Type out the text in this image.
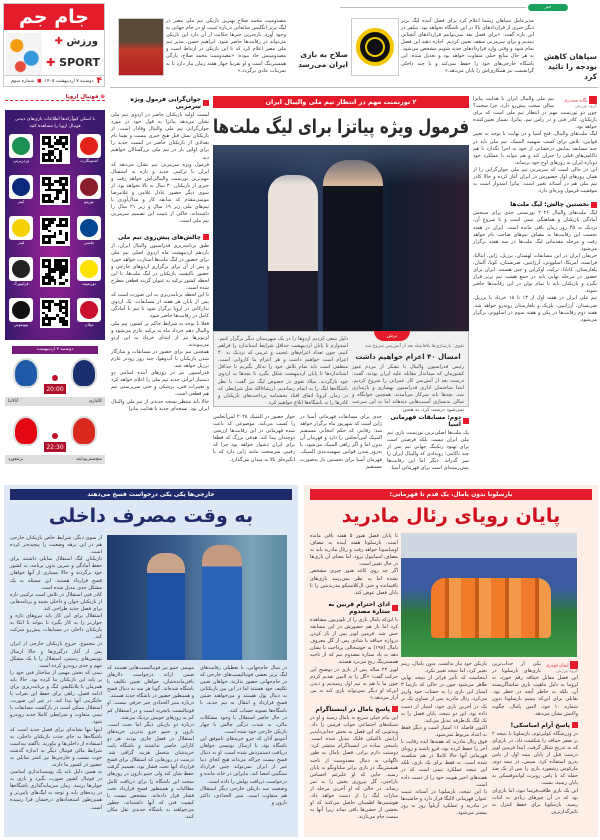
جام جم
ورزش ✚
✚ SPORT
۴
دوشنبه ۷ اردیبهشت ۱۴۰۵
■
شماره سوم
مصدومیت محمد صلاح بهترین بازیکن تیم ملی مصر در لیگ برتر انگلیس شایعاتی درباره غیبت او در جام جهانی به وجود آورد. تازه‌ترین خبرها حکایت از آن دارد این بازیکن می‌تواند در رقابت‌ها حاضر شود. ابراهیم حسن، مدیر تیم ملی مصر اعلام کرد که با این بازیکن در ارتباط است و مصدومیتش حاد نبوده: «مصدومیت محمد صلاح، پارگی همسترینگ است و او تقریبا چهار هفته زمان نیاز دارد تا به تمرینات عادی برگردد.»
صلاح به بازی ایران می‌رسد
خبر
مدیرعامل سپاهان رسما اعلام کرد برای فصل آینده لیگ برتر دیگر خبری از قراردادهای بالا در این باشگاه نخواهد بود. نیکفر در این باره گفت: «برای فصل بعد نمی‌توانیم قراردادهای آنچنانی ببندیم و برای سرمربی سقف تعیین کردیم. اجازه دهید این فصل تمام شود و وقتی وارد قراردادهای جدید شویم مشخص می‌شود. به هر حال منابع خیلی متفاوت خواهد بود و تعدیل شده. این باشگاه خارجی‌های خود را حفظ نمی‌کند و با چند داخلی گرانقیمت نیز همکاری‌اش را پایان می‌دهد.»
سپاهان کاهش بودجه را تائید کرد
⊕ فوتبال اروپا
با اسکن کیوآرکدها اطلاعات بازی‌های دیدنی فوتبال اروپا را مشاهده کنید
وردربرمن	اشتوتگارت
اینتر	تورینو
لیدز	چلسی
فرایبورگ	دورتموند
یوونتوس	میلان
دوشنبه ۷ اردیبهشت
20:00
کالیاری
آتالانتا
22:30
منچستریونایتد
برنتفورد
جوان‌گرایی فرمول ویژه سرمربی
لیست اولیه بازیکنان حاضر در اردوی تیم ملی نشان می‌دهد پیاتزا به قول خود در مورد جوان‌گرایی تیم ملی والیبال وفادار است. از بازیکنان نسل قبل هیچ خبری نیست و یقینا نام تعدادی از بازیکنان حاضر در لیست جدید را برای اولین بار در تیم ملی بزرگسالان خواهیم دید.
فرمول ویژه سرمربی تیم نشان می‌دهد که ایران با ترکیبی جدید و تازه به استقبال مهم‌ترین تورنمنت والیبالی‌اش خواهد رفت و خبری از بازیکنان ۳۰ سال به بالا نخواهد بود. از سوی دیگر حضور عادل غلامی و غلامرضا مومنی‌مقدم که سابقه کار و مدال‌آوری با تیم‌های ملی زیر ۱۹ سال و زیر ۲۱ سال را داشته‌اند، حاکی از تثبیت این تصمیم سرمربی تیم ملی است.
چالش‌های پیش‌روی تیم ملی
طبق برنامه‌ریزی فدراسیون والیبال ایران، از یازدهم اردیبهشت ماه اردوی اصلی تیم ملی برای حضور در لیگ ملت‌ها استارت خواهد خورد و پس از آن برای برگزاری اردوهای خارجی و حضور باکیفیت بازیکنان در لیگ ملت‌ها، تا این لحظه کشور ترکیه به عنوان گزینه قطعی مطرح شده است.
تا این لحظه برنامه‌ریزی به این صورت است که پس از پایان هر هفته از مسابقات، یک اردوی تدارکاتی در اروپا برگزار شود تا تیم با آمادگی کامل در رقابت‌ها حاضر شود.
فعلا با توجه به شرایط حاکم بر کشور، تیم ملی والیبال دهم خرداد ماه به ترکیه عازم می‌شود و لژیونرها نیز از ابتدای خرداد به این اردو می‌پیوندند.
همچنین تیم برای حضور در مسابقات و سازگار شدن بازیکنان با آب‌وهوا، چند روز زودتر عازم برزیل خواهد شد.
فدراسیون نیز در روزهای آینده اسامی دو دستیار ایرانی جدید تیم ملی را اعلام خواهد کرد و تغییرات فنی، پزشکی و حتی سرپرستی تیم هم قطعی است.
حالا باید منتظر نسخه جدیدی از تیم ملی والیبال ایران بود. نسخه‌ای جدید با هدایت پیاتزا
۲ تورنمنت مهم در انتظار تیم ملی والیبال ایران
فرمول ویژه پیاتزا برای لیگ ملت‌ها
برش
دلیل سعی کردیم اردوها را در یک شهرستان دیگر برگزار کنیم. امیدوارم تا پایان اردیبهشت حداقل شرایط استاندارد را فراهم کنیم. چون تعداد اعزام‌های عجیب و غریبی که نزدیک به ۴۰ اعزام است خواهیم داشت و هر اعزام ما کاروانی است. منطقی است باید تمام تلاش خود را به‌کار بگیریم تا حداقل استانداردها تا پایان اردیبهشت شکل بگیرد تا بچه‌ها به اردوی خود بازگردند. میلاد تقوی در خصوص لیگ نیز گفت: با نظر باشگاه‌ها لیگ را به اتمام رساندیم. ان‌شاءالله مثل شرایطی که در زمان کرونا اتفاق افتاد بخشنامه پرداخت‌های بازیکنان و کادرها را به باشگاه‌ها ابلاغ خواهیم کرد.
تقوی: بازسازی‌ها بلافاصله بعد از آتش‌بس شروع شد
امسال ۴۰ اعزام خواهیم داشت
رئیس فدراسیون والیبال با تشکر از مردم غیور کشورمان که میداندار مقابله علیه ایران بودند، گفت: درست بعد از آتش‌بس کار عمرانی را شروع کردیم. ابتدا ساختمان اداری فدراسیون بهسازی و بازسازی شد. بچه‌ها باید سرکار می‌آمدند. همچنین خوابگاه و سالن بدنسازی آسیب‌هایی دیدهاند اما به این سرعت نمی‌شود درست کرد. به همین
دوم: مسابقات قهرمانی آسیا
یک ملت‌ها اصلی‌ترین تورنمنت بازی تیم ملی ایران نیست بلکه فرصتی است برای بهبود رنکینگ جهانی تیم پس از چند ناکامی؛ رویدادی که والیبال ایران را سر گذراند. دیگر اما این رقابت‌ها پیش‌زمینه‌ای است برای قهرمانی آسیا.
جدی برای مسابقات قهرمانی آسیا در ژاپن است که شهریور ماه برگزار خواهد شد؛ رقابتی که حکم انتخابی مستقیم المپیک لس‌آنجلس را دارد و قهرمان آن بدون اما و اگر راهی المپیک می‌شود. با به‌روز شدن قوانین سهمیه‌بندی المپیک، قهرمان آسیا برای نخستین بار به‌صورت مستقیم
جواز حضور در المپیک ۲۰۲۸ لس‌آنجلس را کسب می‌کند. موضوعی که باعث شده قهرمانی در این رقابت‌ها ارزشی دوچندان پیدا کند. هدفی بزرگ که قطعا برای ایران دشوار خواهد بود چرا که رقیبی سرسخت مانند ژاپن دارد که با انگیزه‌ای بالا به میدان می‌گذارد.
یگانه مصدری
گروه ورزش
تیم ملی والیبال ایران با هدایت پیاتزا سالی سخت پیش‌رو دارد. چرا سخت؟ چون دو تورنمنت مهم در انتظار تیم ملی است که برای بازیکنان، کادر فنی و در رأس تیم، پیاتزا، بسیار تعیین‌کننده خواهد بود.
لیگ ملت‌های والیبال، فتح آسیا و در نهایت با توجه به تغییر قوانین، تلاش برای کسب سهمیه المپیک. تیم ملی باید در چند مسابقه نمایش درخشانی از خود به اجرا بگذارد تا هم ناکامی‌های قبلی را جبران کند و هم بتواند با عملکرد خود دوباره ایران به روزهای اوج خود برساند.
این در حالی است که سرمربی تیم ملی جوان‌گرایی را از همان روزهای اول حضورش در ایران آغاز کرده و حالا کادر تیم ملی هم در آستانه تغییر است. پیاتزا امیدوار است به موفقیت فرمول ویژه‌ای دارد.
نخستین چالش؛ لیگ ملت‌ها
لیگ ملت‌های والیبال ۲۰۲۶ تورنمنتی جدی برای سنجش آمادگی بازیکنان و هماهنگی تیمی است و تا شروع آن، نزدیک به ۴۵ روز زمان باقی مانده است. ایران در هفته نخست این رقابت‌ها به مصاف تیم‌های صاحب نام خواهد رفت و مرحله مقدماتی لیگ ملت‌ها در سه هفته برگزار می‌شود.
حریفان ایران در این مسابقات لهستان، برزیل، ژاپن، ایتالیا، فرانسه، آمریکا، اسلوونی، آرژانتین، صربستان، کوبا، آلمان، بلغارستان، کانادا، ترکیه، اوکراین و چین هستند. ایران برای حضور در مرحله نهایی باید در جمع هشت تیم برتر قرار بگیرد و بازیکنان باید با تمام توان در این رقابت‌ها حاضر شوند.
تیم ملی ایران در هفته اول از ۱۳ تا ۱۸ خرداد با برزیل، صربستان، آرژانتین، بلژیک و بلغارستان روبه‌رو خواهد شد. هفته دوم رقابت‌ها در پکن و هفته سوم در اسلوونی برگزار می‌شود.
خارجی‌ها یکی یکی درخواست فسخ می‌دهند
به وقت مصرف داخلی
از سوی دیگر، شرایط خاص بازیکنان خارجی هم در این برهه وضعیت را پیچیده‌تر کرده است.
بازیکنان لیگ استقلال تمایلی داشتند برای حفظ آمادگی و تمرین بدون برنامه، به کشور خود برگردند و حالا بسیاری از آنها خواهان فسخ قرارداد هستند. این مسئله به یک مشکل جدی تبدیل شده است.
کادر فنی استقلال در تلاش است ترکیبی تازه از بازیکنان جوان و داخلی بچیند و برنامه‌هایی برای فصل جدید طراحی کند.
استقلال برای این کار باید نیروهای تازه و جوان‌تر را به کار بگیرد تا بتواند با اتکا به بازیکنان داخلی در مسابقات پیش‌رو شرکت کند.
در مجموع، خروج بازیکنان خارجی از ایران پس از آغاز درگیری‌ها و حالا ارسال نوتیس‌های رسمی، استقلال را با یک مشکل مهم و جدی روبه‌رو کرده است.
تیمی که بخش مهمی از ساختار فنی خود را بر پایه این بازیکنان بنا کرده بود. حالا باید همزمان با بلاتکلیفی لیگ و برنامه‌ریزی برای ادامه فصل، راهی برای حفظ این نفرات یا جایگزینی آنها پیدا کند. در غیر این صورت، استقلال ممکن است در بازگشت مسابقات با تیمی متفاوت و شرایطی کاملا جدید روبه‌رو شود.
اینها تنها نشانه‌ای برای فصل جدید است که باشگاه‌ها به جای جذب بازیکنان داخلی، به استفاده از داخلی‌ها و بیاورند. باگفته پیداست شرایط مالی فوتبال دیگر به اندازه گذشته خوب نیست و خارجی‌ها نیز کمتر تمایلی به حضور در کشور ما دارند.
به همین دلیل باید یک پوست‌اندازی اساسی در فوتبال کشور صورت بگیرد و بازی به جوان‌ها برسد. زمان سرمایه‌گذاری باشگاه‌ها در رده‌های پایه و توجه به لیگ‌های پایین‌تر و همین‌طور استعدادهای درخشان فرا رسیده است.
موسی جنپو نیز فوتبالیست‌هایی هستند که ضمن ارائه درخواست دلارهای باقی‌مانده‌شان، خواهان تعیین تکلیف با باشگاه شده‌اند. گویا هر سه به دنبال فسخ و همینطور حضور در باشگاه جدید هستند.
درباره منیر الحدادی خبر حرفی نیست. او فوتبالیست باتجربه است و در استقلال کم کم به روزهای خوبش نزدیک می‌شد.
درباره دو بازیکن دیگر اما بحث است. نازون و جنپو جزو بدترین خریدهای استقلال در فصل جاری بودند. هر دو کارایی خاصی نداشتند و باشگاه بابت خریدشان متحمل هزینه گزافی شد. درست در روزهایی که استقلال برای فسخ قرارداد آنها تحت فشار بود، تصمیم گرفت حفظ شان کند ولی جنپو نازون در روزهای سخت این باشگاه را برای دریافت کامل مطالبات و همینطور فسخ قرارداد تحت فشار قرار داده‌اند. مشخص نیست با کیفیت فنی که آنها داشته‌اند، چطور می‌خواهند به باشگاه جدیدی نقل مکان کنند.
در سال جام‌جهانی، با تعطیلی رقابت‌های لیگ برتر بعضی فوتبالیست‌های خارجی که در جام‌جهانی حضور ندارند، خواهان تعیین تکلیف خود هستند اما در این بین بازیکنانی به دنبال پول هستند و می‌خواهند ضمن فسخ قرارداد و انتقال به تیم جدید، با باشگاه‌ها تسویه حساب کنند.
در حال حاضر استقلال با وجود مشکلات مالی، به شدت درگیر چالش با چهار بازیکن خارجی خود شده است.
آنتونیو آدان که جزو خریدهای ناموفق این باشگاه بود، با ارسال نوتیسی خواهان دریافت دستمزدش شده است. او به دنبال فسخ نیست چراکه می‌داند هیچ کجای دنیا غیر از ایران نمی‌تواند چنین قرارداد سنگینی امضا کند. بنابراین در خانه مانده و درخواست دریافت پولش را داده است.
وضعیت سه بازیکن خارجی دیگر استقلال هم متفاوت است. منیر الحدادی، داکنز نازون و
بارسلونا بدون یامال، یک قدم تا قهرمانی؛
پایان رویای رئال مادرید
تا پایان فصل هنوز ۵ هفته باقی مانده است. بارسلونا هفته آینده به مصاف اوساسونا خواهد رفت و رئال مادرید باید به مصاف اسپانیول برود. اما معنای آن بازی‌ها در حال تغییر است.
اگر چه روی کاغذ هنوز چیزی مشخص نشده اما به نظر نمی‌رسد بازی‌های باقیمانده و حتی ال‌کلاسیکو مدریدیتین را تا پایان فصل عوض کند.
ادای احترام فربین به ستاره مصدوم
با این‌که یامال بازی را از تلویزیون مشاهده کرد اما باز هم حضورش در این مسابقه حس شد. فرمین لوپز پس از باز کردن دروازه خیتافه با شادی پس از گل معروف یامال (۱۹۸) به خوشحالی پرداخت تا نشان دهد به یاد ستاره مصدوم تیم که از ناحیه همسترینگ رنج می‌برد هستند.
لوپز ۲۲ ساله پس از بازی در توضیح این حرکت گفت: «گل را به لامین تقدیم کردم چون ما با هم به تیم اول رسیدیم و دیدن این‌که او دیگر نمی‌تواند بازی کند به من آزار می‌دهد.»
پاسخ یامال در اینستاگرام
این پیام خیلی سریع به یامال رسید و او در شبکه‌های اجتماعی جواب فرمین را داد. ویدئویی که این فصل به بخش جدایی‌ناپذیر آرایش تاکتیکی فلیک تبدیل شده است. پاسخی ساده در اینستاگرام منتشر کرد: دوستت دارم برادر. فصل یامال به طور ناگهانی به دنبال مصدومیت از ناحیه همسترینگ در بازی برابر سلتاویگو به پایان رسید. جایی که او علیرغم احساس ناراحتی، گل پیروزی بخش را به ثمر رساند. در حالی که او آخرین مرحله از مبارات لیگ را از دست خواهد داد، هوشمی‌ها اطمینان حاصل می‌کنند که او بخشی از جشن‌ها باقی بماند زیرا آنها به سمت جام می‌تازند.
بازیکن خود نیاز نداشت. بدون یامال، ریتم تغییر کرد، اما نتیجه تغییر نکرد.
اینجاست که تأثیر فراتر از نتیجه نهایی ظاهر می‌شود چون در حالی که بارسا ۳ امتیاز این بازی را به حساب خود واریز می‌کرد، رئال مادرید پس از تساوی یک بر یک در آخرین بازی خود، امتیاز از دست داده بود. این دو نتیجه، پایان فصل را به یک لیگ یک‌طرفه تبدیل می‌کند.
اکنون فاصله ۱۱ امتیاز است و دیگر فقط به اعداد مربوط نمی‌شود.
فوق رئال مادرید که هفته‌ها ایده رقابت تا آخر را حفظ کرده بود، فرو پاشید و رویای قهرمانی آنها حالا کاملا در هم شکسته شده است. نه فقط برای یک بازی، بلکه این نتیجه عملکرد تیمی است که در هفته‌های اخیر هویت خود را از دست داده است.
با این نتیجه، بارسلونا در آستانه تثبیت عنوان قهرمانی لالیگا قرار دارد و حاشیه‌ها در مادرید و عملکرد آربلوآ روز به روز بیشتر می‌شود.
ایمان قوه‌ری
گروه ورزش
یکی از جذاب‌ترین بازی‌های بارسلونا در این فصل مقابل خیتافه رقم خورد، نه لزوما به دلیل ماهیت بازی تماشاگرپسند آن، بلکه به خاطر آنچه در خطر بود. تقابلی برای این‌که ببینیم بارسلونا بدون شماره ۱۰ خود، لامین یامال، چگونه واکنش نشان می‌دهد.
پاسخ آرام امباسکی!
در ورزشگاه کولیزئوم، بارسلونا با نتیجه ۲ بر صفر خیتافه را شکست داد، در بازی‌ای که به تدریج شکل گرفت. ابتدا فرمین لوپز درست قبل از پایان نیمه اول از پاس پدری استفاده کرد. سپس، در نیمه دوم، مارکوس رشفورد بازی را پس از یک ضد حمله که با پاس روبرت لواندوفسکی به پایان رسید، بست.
این یک بازی طاقت‌فرسا نبود، اما بازی‌ای بود که در آن چیزهای زیادی به اثبات رسید. بارسلونا برای حفظ کنترل به تاثیرگذارترین
